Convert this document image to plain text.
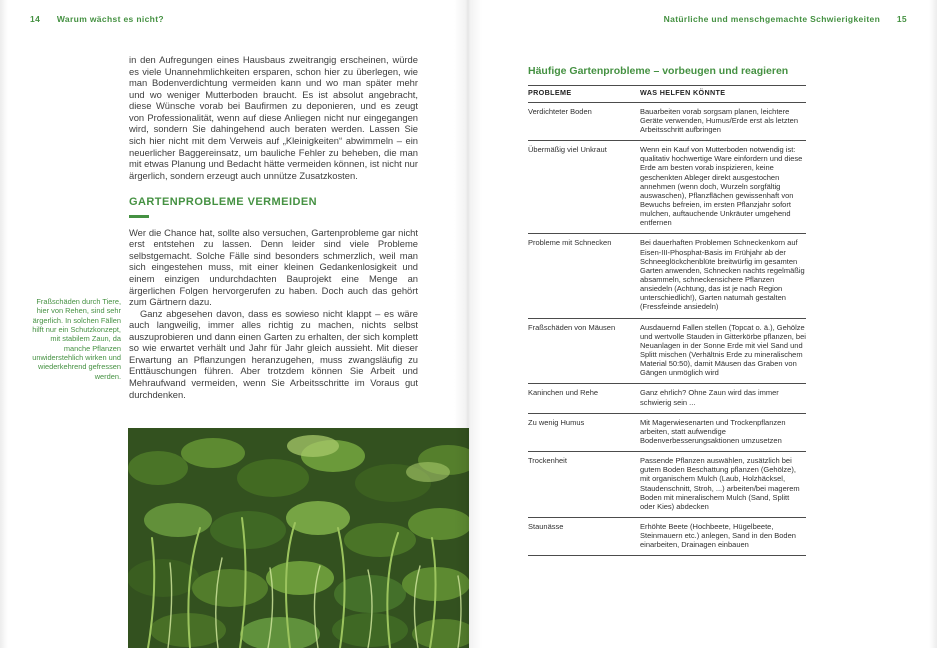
14 Warum wächst es nicht?
Fraßschäden durch Tiere, hier von Rehen, sind sehr ärgerlich. In solchen Fällen hilft nur ein Schutzkonzept, mit stabilem Zaun, da manche Pflanzen unwiderstehlich wirken und wiederkehrend gefressen werden.

in den Aufregungen eines Hausbaus zweitrangig erscheinen, würde es viele Unannehmlichkeiten ersparen, schon hier zu überlegen, wie man Bodenverdichtung vermeiden kann und wo man später mehr und wo weniger Mutterboden braucht. Es ist absolut angebracht, diese Wünsche vorab bei Baufirmen zu deponieren, und es zeugt von Professionalität, wenn auf diese Anliegen nicht nur eingegangen wird, sondern Sie dahingehend auch beraten werden. Lassen Sie sich hier nicht mit dem Verweis auf „Kleinigkeiten“ abwimmeln – ein neuerlicher Baggereinsatz, um bauliche Fehler zu beheben, die man mit etwas Planung und Bedacht hätte vermeiden können, ist nicht nur ärgerlich, sondern erzeugt auch unnütze Zusatzkosten.

GARTENPROBLEME VERMEIDEN

Wer die Chance hat, sollte also versuchen, Gartenprobleme gar nicht erst entstehen zu lassen. Denn leider sind viele Probleme selbstgemacht. Solche Fälle sind besonders schmerzlich, weil man sich eingestehen muss, mit einer kleinen Gedankenlosigkeit und einem einzigen undurchdachten Bauprojekt eine Menge an ärgerlichen Folgen hervorgerufen zu haben. Doch auch das gehört zum Gärtnern dazu.

Ganz abgesehen davon, dass es sowieso nicht klappt – es wäre auch langweilig, immer alles richtig zu machen, nichts selbst auszuprobieren und dann einen Garten zu erhalten, der sich komplett so wie erwartet verhält und Jahr für Jahr gleich aussieht. Mit dieser Erwartung an Pflanzungen heranzugehen, muss zwangsläufig zu Enttäuschungen führen. Aber trotzdem können Sie Arbeit und Mehraufwand vermeiden, wenn Sie Arbeitsschritte im Voraus gut durchdenken.

Natürliche und menschgemachte Schwierigkeiten 15
Häufige Gartenprobleme – vorbeugen und reagieren
PROBLEME	WAS HELFEN KÖNNTE
Verdichteter Boden	Bauarbeiten vorab sorgsam planen, leichtere Geräte verwenden, Humus/Erde erst als letzten Arbeitsschritt aufbringen
Übermäßig viel Unkraut	Wenn ein Kauf von Mutterboden notwendig ist: qualitativ hochwertige Ware einfordern und diese Erde am besten vorab inspizieren, keine geschenkten Ableger direkt ausgestochen annehmen (wenn doch, Wurzeln sorgfältig auswaschen), Pflanzflächen gewissenhaft von Bewuchs befreien, im ersten Pflanzjahr sofort mulchen, auftauchende Unkräuter umgehend entfernen
Probleme mit Schnecken	Bei dauerhaften Problemen Schneckenkorn auf Eisen-III-Phosphat-Basis im Frühjahr ab der Schneeglöckchenblüte breitwürfig im gesamten Garten anwenden, Schnecken nachts regelmäßig absammeln, schneckensichere Pflanzen ansiedeln (Achtung, das ist je nach Region unterschiedlich!), Garten naturnah gestalten (Fressfeinde ansiedeln)
Fraßschäden von Mäusen	Ausdauernd Fallen stellen (Topcat o. ä.), Gehölze und wertvolle Stauden in Gitterkörbe pflanzen, bei Neuanlagen in der Sonne Erde mit viel Sand und Splitt mischen (Verhältnis Erde zu mineralischem Material 50:50), damit Mäusen das Graben von Gängen unmöglich wird
Kaninchen und Rehe	Ganz ehrlich? Ohne Zaun wird das immer schwierig sein ...
Zu wenig Humus	Mit Magerwiesenarten und Trockenpflanzen arbeiten, statt aufwendige Bodenverbesserungsaktionen umzusetzen
Trockenheit	Passende Pflanzen auswählen, zusätzlich bei gutem Boden Beschattung pflanzen (Gehölze), mit organischem Mulch (Laub, Holzhäcksel, Staudenschnitt, Stroh, ...) arbeiten/bei magerem Boden mit mineralischem Mulch (Sand, Splitt oder Kies) abdecken
Staunässe	Erhöhte Beete (Hochbeete, Hügelbeete, Steinmauern etc.) anlegen, Sand in den Boden einarbeiten, Drainagen einbauen
